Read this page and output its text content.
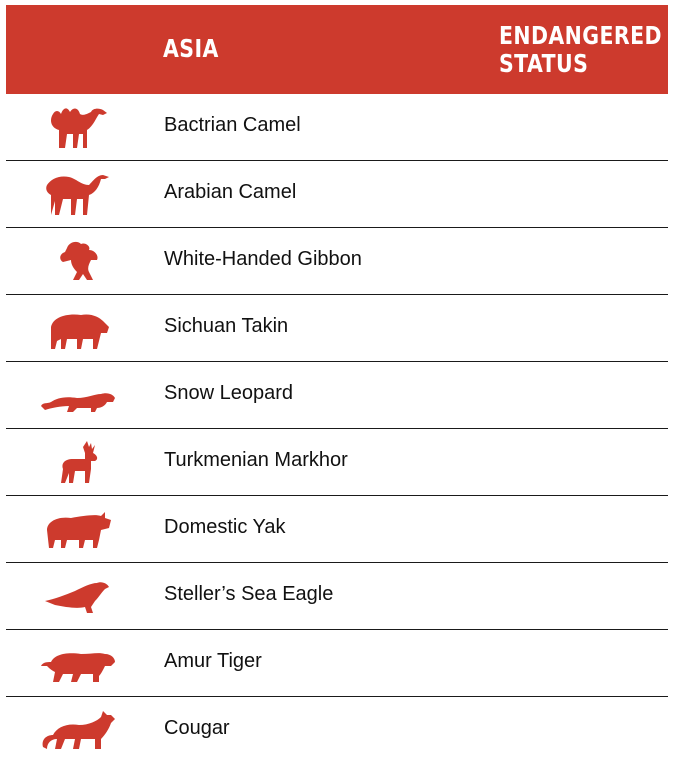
ASIA	ENDANGERED
STATUS
Bactrian Camel
Arabian Camel
White-Handed Gibbon
Sichuan Takin
Snow Leopard
Turkmenian Markhor
Domestic Yak
Steller’s Sea Eagle
Amur Tiger
Cougar
